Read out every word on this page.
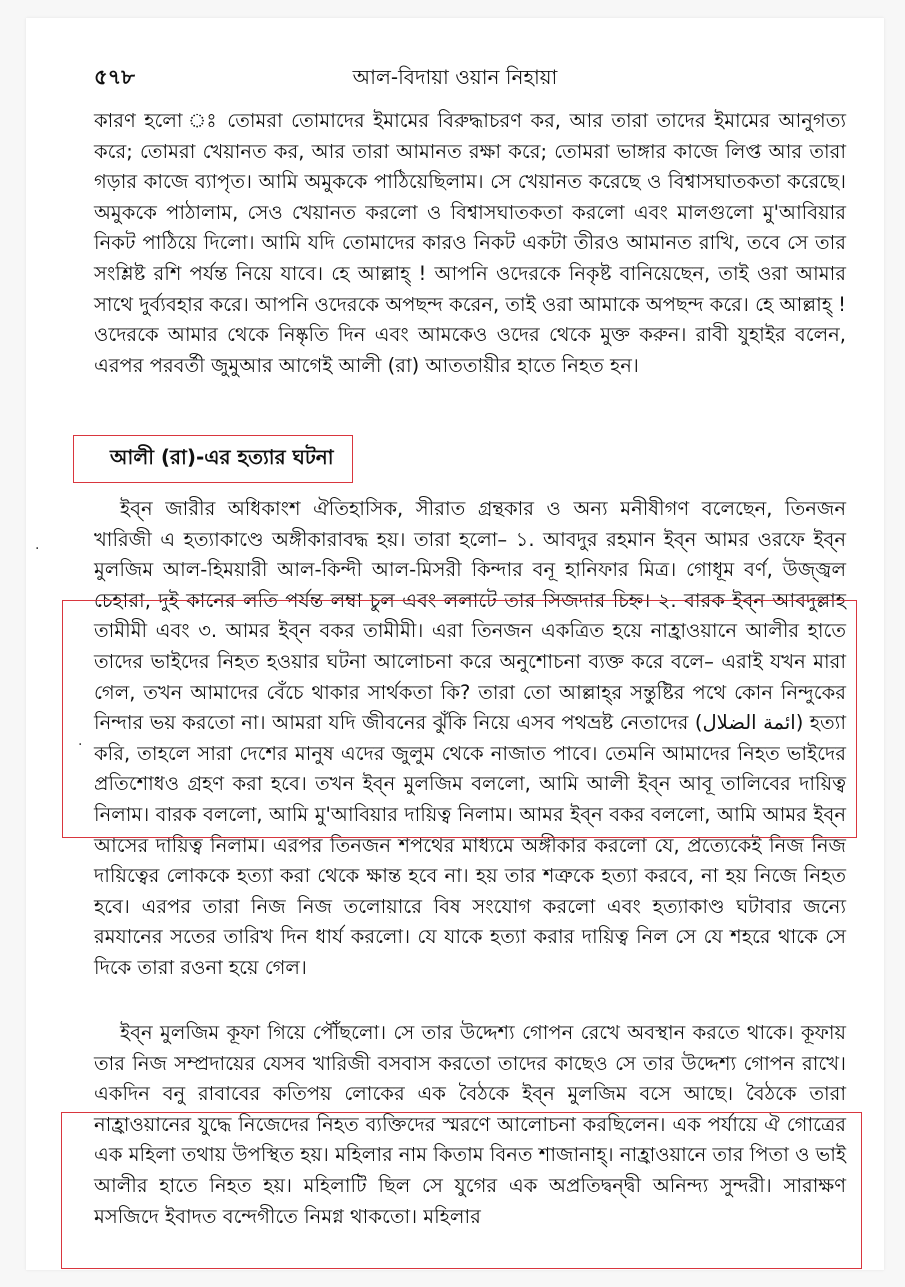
৫৭৮	আল-বিদায়া ওয়ান নিহায়া

কারণ হলো ঃ তোমরা তোমাদের ইমামের বিরুদ্ধাচরণ কর, আর তারা তাদের ইমামের আনুগত্য করে; তোমরা খেয়ানত কর, আর তারা আমানত রক্ষা করে; তোমরা ভাঙ্গার কাজে লিপ্ত আর তারা গড়ার কাজে ব্যাপৃত। আমি অমুককে পাঠিয়েছিলাম। সে খেয়ানত করেছে ও বিশ্বাসঘাতকতা করেছে। অমুককে পাঠালাম, সেও খেয়ানত করলো ও বিশ্বাসঘাতকতা করলো এবং মালগুলো মু'আবিয়ার নিকট পাঠিয়ে দিলো। আমি যদি তোমাদের কারও নিকট একটা তীরও আমানত রাখি, তবে সে তার সংশ্লিষ্ট রশি পর্যন্ত নিয়ে যাবে। হে আল্লাহ্ ! আপনি ওদেরকে নিকৃষ্ট বানিয়েছেন, তাই ওরা আমার সাথে দুর্ব্যবহার করে। আপনি ওদেরকে অপছন্দ করেন, তাই ওরা আমাকে অপছন্দ করে। হে আল্লাহ্ ! ওদেরকে আমার থেকে নিষ্কৃতি দিন এবং আমকেও ওদের থেকে মুক্ত করুন। রাবী যুহাইর বলেন, এরপর পরবর্তী জুমুআর আগেই আলী (রা) আততায়ীর হাতে নিহত হন।

আলী (রা)-এর হত্যার ঘটনা

ইব্ন জারীর অধিকাংশ ঐতিহাসিক, সীরাত গ্রন্থকার ও অন্য মনীষীগণ বলেছেন, তিনজন খারিজী এ হত্যাকাণ্ডে অঙ্গীকারাবদ্ধ হয়। তারা হলো– ১. আবদুর রহমান ইব্ন আমর ওরফে ইব্ন মুলজিম আল-হিময়ারী আল-কিন্দী আল-মিসরী কিন্দার বনূ হানিফার মিত্র। গোধূম বর্ণ, উজ্জ্বল চেহারা, দুই কানের লতি পর্যন্ত লম্বা চুল এবং ললাটে তার সিজদার চিহ্ন। ২. বারক ইব্ন আবদুল্লাহ তামীমী এবং ৩. আমর ইব্ন বকর তামীমী। এরা তিনজন একত্রিত হয়ে নাহ্রাওয়ানে আলীর হাতে তাদের ভাইদের নিহত হওয়ার ঘটনা আলোচনা করে অনুশোচনা ব্যক্ত করে বলে– এরাই যখন মারা গেল, তখন আমাদের বেঁচে থাকার সার্থকতা কি? তারা তো আল্লাহ্‌র সন্তুষ্টির পথে কোন নিন্দুকের নিন্দার ভয় করতো না। আমরা যদি জীবনের ঝুঁকি নিয়ে এসব পথভ্রষ্ট নেতাদের (ائمة الضلال) হত্যা করি, তাহলে সারা দেশের মানুষ এদের জুলুম থেকে নাজাত পাবে। তেমনি আমাদের নিহত ভাইদের প্রতিশোধও গ্রহণ করা হবে। তখন ইব্ন মুলজিম বললো, আমি আলী ইব্ন আবূ তালিবের দায়িত্ব নিলাম। বারক বললো, আমি মু'আবিয়ার দায়িত্ব নিলাম। আমর ইব্ন বকর বললো, আমি আমর ইব্ন আসের দায়িত্ব নিলাম। এরপর তিনজন শপথের মাধ্যমে অঙ্গীকার করলো যে, প্রত্যেকেই নিজ নিজ দায়িত্বের লোককে হত্যা করা থেকে ক্ষান্ত হবে না। হয় তার শত্রুকে হত্যা করবে, না হয় নিজে নিহত হবে। এরপর তারা নিজ নিজ তলোয়ারে বিষ সংযোগ করলো এবং হত্যাকাণ্ড ঘটাবার জন্যে রমযানের সতের তারিখ দিন ধার্য করলো। যে যাকে হত্যা করার দায়িত্ব নিল সে যে শহরে থাকে সে দিকে তারা রওনা হয়ে গেল।

ইব্ন মুলজিম কূফা গিয়ে পৌঁছলো। সে তার উদ্দেশ্য গোপন রেখে অবস্থান করতে থাকে। কূফায় তার নিজ সম্প্রদায়ের যেসব খারিজী বসবাস করতো তাদের কাছেও সে তার উদ্দেশ্য গোপন রাখে। একদিন বনু রাবাবের কতিপয় লোকের এক বৈঠকে ইব্ন মুলজিম বসে আছে। বৈঠকে তারা নাহ্রাওয়ানের যুদ্ধে নিজেদের নিহত ব্যক্তিদের স্মরণে আলোচনা করছিলেন। এক পর্যায়ে ঐ গোত্রের এক মহিলা তথায় উপস্থিত হয়। মহিলার নাম কিতাম বিনত শাজানাহ্। নাহ্রাওয়ানে তার পিতা ও ভাই আলীর হাতে নিহত হয়। মহিলাটি ছিল সে যুগের এক অপ্রতিদ্বন্দ্বী অনিন্দ্য সুন্দরী। সারাক্ষণ মসজিদে ইবাদত বন্দেগীতে নিমগ্ন থাকতো। মহিলার

·
·
